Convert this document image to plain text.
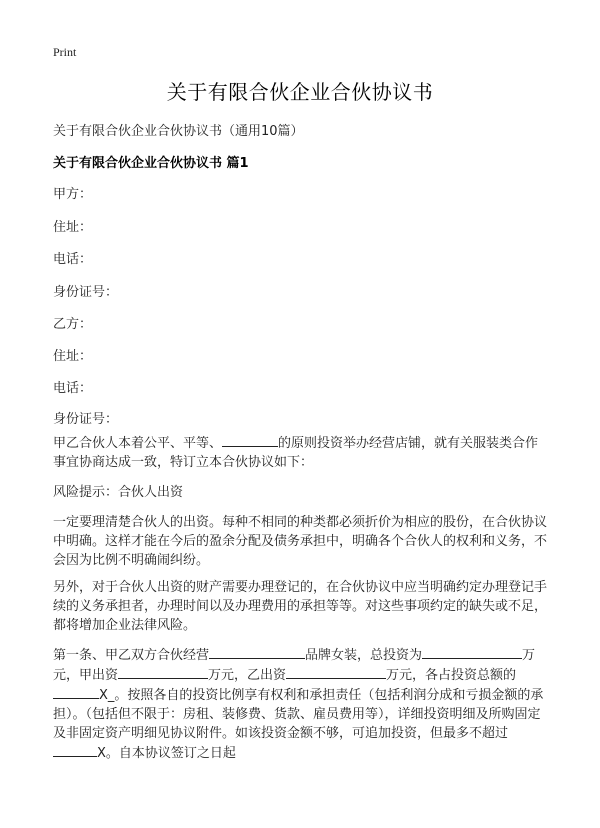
Print
关于有限合伙企业合伙协议书
关于有限合伙企业合伙协议书（通用10篇）
关于有限合伙企业合伙协议书 篇1
甲方：
住址：
电话：
身份证号：
乙方：
住址：
电话：
身份证号：
甲乙合伙人本着公平、平等、	的原则投资举办经营店铺，就有关服装类合作事宜协商达成一致，特订立本合伙协议如下：
风险提示：合伙人出资
一定要理清楚合伙人的出资。每种不相同的种类都必须折价为相应的股份，在合伙协议中明确。这样才能在今后的盈余分配及债务承担中，明确各个合伙人的权利和义务，不会因为比例不明确闹纠纷。
另外，对于合伙人出资的财产需要办理登记的，在合伙协议中应当明确约定办理登记手续的义务承担者，办理时间以及办理费用的承担等等。对这些事项约定的缺失或不足，都将增加企业法律风险。
第一条、甲乙双方合伙经营	品牌女装，总投资为	万元，甲出资	万元，乙出资	万元，各占投资总额的X_。按照各自的投资比例享有权利和承担责任（包括利润分成和亏损金额的承担）。（包括但不限于：房租、装修费、货款、雇员费用等），详细投资明细及所购固定及非固定资产明细见协议附件。如该投资金额不够，可追加投资，但最多不超过X。自本协议签订之日起
